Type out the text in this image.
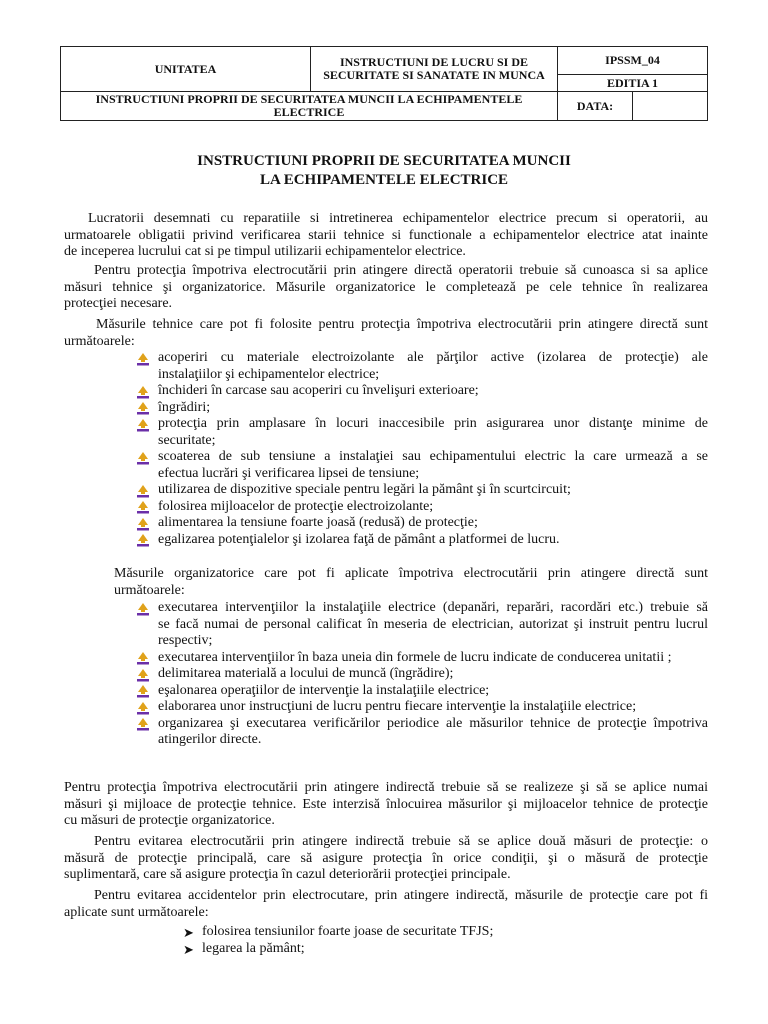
UNITATEA	INSTRUCTIUNI DE LUCRU SI DE SECURITATE SI SANATATE IN MUNCA	IPSSM_04	
		EDITIA 1	
INSTRUCTIUNI PROPRII DE SECURITATEA MUNCII LA ECHIPAMENTELE ELECTRICE		DATA:	
INSTRUCTIUNI PROPRII DE SECURITATEA MUNCII
LA ECHIPAMENTELE ELECTRICE
Lucratorii desemnati cu reparatiile si intretinerea echipamentelor electrice precum si operatorii, au
urmatoarele obligatii privind verificarea starii tehnice si functionale a echipamentelor electrice atat inainte
de inceperea lucrului cat si pe timpul utilizarii echipamentelor electrice.
Pentru protecţia împotriva electrocutării prin atingere directă operatorii trebuie să cunoasca si sa aplice
măsuri tehnice şi organizatorice. Măsurile organizatorice le completează pe cele tehnice în realizarea
protecţiei necesare.
Măsurile tehnice care pot fi folosite pentru protecţia împotriva electrocutării prin atingere directă sunt
următoarele:
acoperiri cu materiale electroizolante ale părţilor active (izolarea de protecţie) ale
instalaţiilor şi echipamentelor electrice;
închideri în carcase sau acoperiri cu învelişuri exterioare;
îngrădiri;
protecţia prin amplasare în locuri inaccesibile prin asigurarea unor distanţe minime de
securitate;
scoaterea de sub tensiune a instalaţiei sau echipamentului electric la care urmează a se
efectua lucrări şi verificarea lipsei de tensiune;
utilizarea de dispozitive speciale pentru legări la pământ şi în scurtcircuit;
folosirea mijloacelor de protecţie electroizolante;
alimentarea la tensiune foarte joasă (redusă) de protecţie;
egalizarea potenţialelor şi izolarea faţă de pământ a platformei de lucru.
Măsurile organizatorice care pot fi aplicate împotriva electrocutării prin atingere directă sunt
următoarele:
executarea intervenţiilor la instalaţiile electrice (depanări, reparări, racordări etc.) trebuie să
se facă numai de personal calificat în meseria de electrician, autorizat şi instruit pentru lucrul
respectiv;
executarea intervenţiilor în baza uneia din formele de lucru indicate de conducerea unitatii ;
delimitarea materială a locului de muncă (îngrădire);
eşalonarea operaţiilor de intervenţie la instalaţiile electrice;
elaborarea unor instrucţiuni de lucru pentru fiecare intervenţie la instalaţiile electrice;
organizarea şi executarea verificărilor periodice ale măsurilor tehnice de protecţie împotriva
atingerilor directe.
Pentru protecţia împotriva electrocutării prin atingere indirectă trebuie să se realizeze şi să se aplice numai
măsuri şi mijloace de protecţie tehnice. Este interzisă înlocuirea măsurilor şi mijloacelor tehnice de protecţie
cu măsuri de protecţie organizatorice.
Pentru evitarea electrocutării prin atingere indirectă trebuie să se aplice două măsuri de protecţie: o
măsură de protecţie principală, care să asigure protecţia în orice condiţii, şi o măsură de protecţie
suplimentară, care să asigure protecţia în cazul deteriorării protecţiei principale.
Pentru evitarea accidentelor prin electrocutare, prin atingere indirectă, măsurile de protecţie care pot fi
aplicate sunt următoarele:
➤ folosirea tensiunilor foarte joase de securitate TFJS;
➤ legarea la pământ;
